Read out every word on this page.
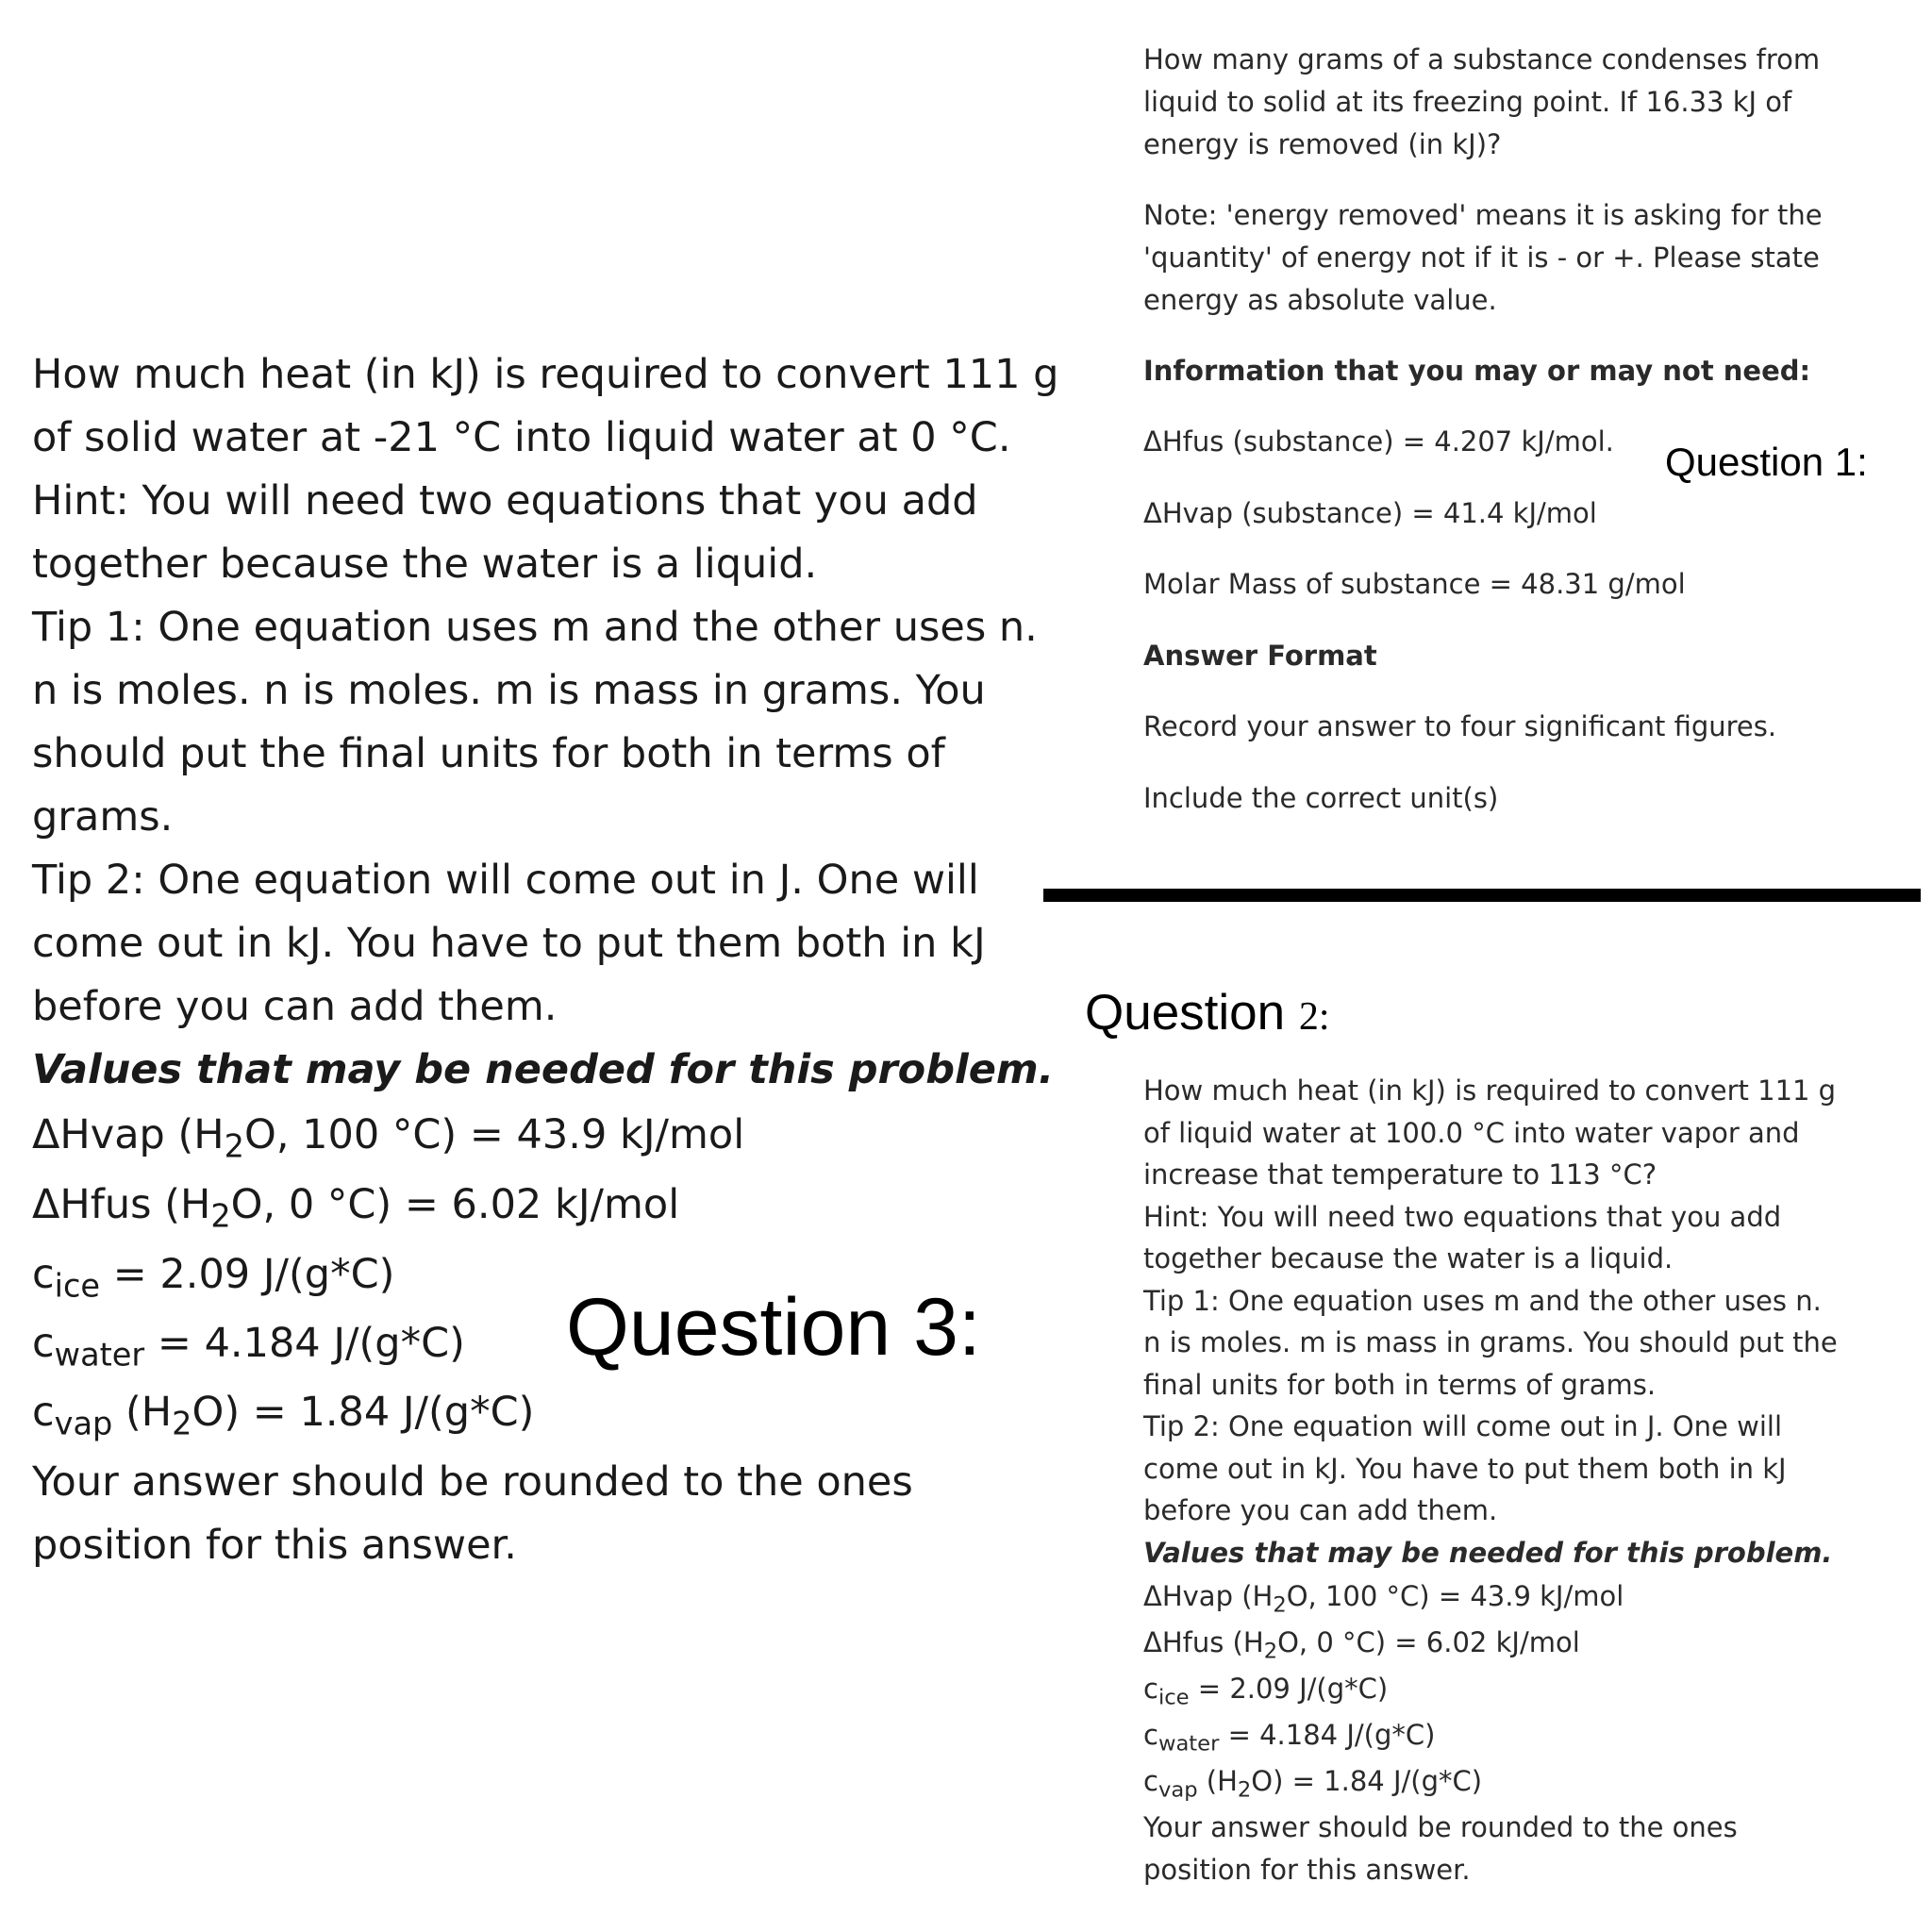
How much heat (in kJ) is required to convert 111 g
of solid water at -21 °C into liquid water at 0 °C.
Hint: You will need two equations that you add
together because the water is a liquid.
Tip 1: One equation uses m and the other uses n.
n is moles. n is moles. m is mass in grams. You
should put the final units for both in terms of
grams.
Tip 2: One equation will come out in J. One will
come out in kJ. You have to put them both in kJ
before you can add them.
Values that may be needed for this problem.
ΔHvap ($H_2O$, 100 °C) = 43.9 kJ/mol
ΔHfus ($H_2O$, 0 °C) = 6.02 kJ/mol
$c_{ice} = 2.09$ J/(g*C)
$c_{water} = 4.184$ J/(g*C)
$c_{vap}$ $(H_2O) = 1.84$ J/(g*C)
Your answer should be rounded to the ones
position for this answer.
Question 3:
How many grams of a substance condenses from
liquid to solid at its freezing point. If 16.33 kJ of
energy is removed (in kJ)?
Note: 'energy removed' means it is asking for the
'quantity' of energy not if it is - or +. Please state
energy as absolute value.
Information that you may or may not need:
ΔHfus (substance) = 4.207 kJ/mol.
ΔHvap (substance) = 41.4 kJ/mol
Molar Mass of substance = 48.31 g/mol
Answer Format
Record your answer to four significant figures.
Include the correct unit(s)
Question 1:
Question 2:
How much heat (in kJ) is required to convert 111 g
of liquid water at 100.0 °C into water vapor and
increase that temperature to 113 °C?
Hint: You will need two equations that you add
together because the water is a liquid.
Tip 1: One equation uses m and the other uses n.
n is moles. m is mass in grams. You should put the
final units for both in terms of grams.
Tip 2: One equation will come out in J. One will
come out in kJ. You have to put them both in kJ
before you can add them.
Values that may be needed for this problem.
ΔHvap ($H_2O$, 100 °C) = 43.9 kJ/mol
ΔHfus ($H_2O$, 0 °C) = 6.02 kJ/mol
$c_{ice} = 2.09$ J/(g*C)
$c_{water} = 4.184$ J/(g*C)
$c_{vap}$ $(H_2O) = 1.84$ J/(g*C)
Your answer should be rounded to the ones
position for this answer.
